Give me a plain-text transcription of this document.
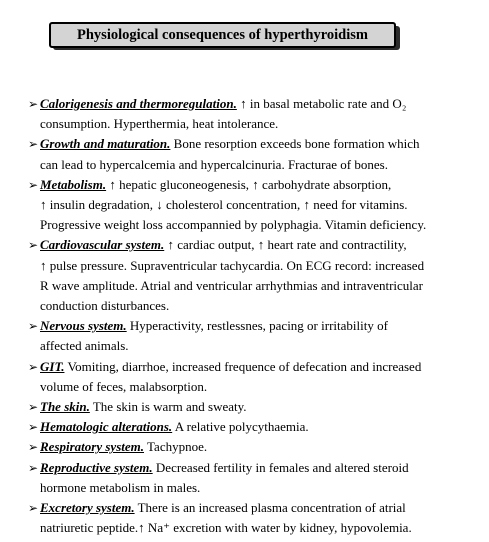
Physiological consequences of hyperthyroidism
➢ Calorigenesis and thermoregulation. ↑ in basal metabolic rate and O₂
consumption. Hyperthermia, heat intolerance.
➢ Growth and maturation. Bone resorption exceeds bone formation which
can lead to hypercalcemia and hypercalcinuria. Fracturae of bones.
➢ Metabolism. ↑ hepatic gluconeogenesis, ↑ carbohydrate absorption,
↑ insulin degradation, ↓ cholesterol concentration, ↑ need for vitamins.
Progressive weight loss accompannied by polyphagia. Vitamin deficiency.
➢ Cardiovascular system. ↑ cardiac output, ↑ heart rate and contractility,
↑ pulse pressure. Supraventricular tachycardia. On ECG record: increased
R wave amplitude. Atrial and ventricular arrhythmias and intraventricular
conduction disturbances.
➢ Nervous system. Hyperactivity, restlessnes, pacing or irritability of
affected animals.
➢ GIT. Vomiting, diarrhoe, increased frequence of defecation and increased
volume of feces, malabsorption.
➢ The skin. The skin is warm and sweaty.
➢ Hematologic alterations. A relative polycythaemia.
➢ Respiratory system. Tachypnoe.
➢ Reproductive system. Decreased fertility in females and altered steroid
hormone metabolism in males.
➢ Excretory system. There is an increased plasma concentration of atrial
natriuretic peptide.↑ Na⁺ excretion with water by kidney, hypovolemia.
